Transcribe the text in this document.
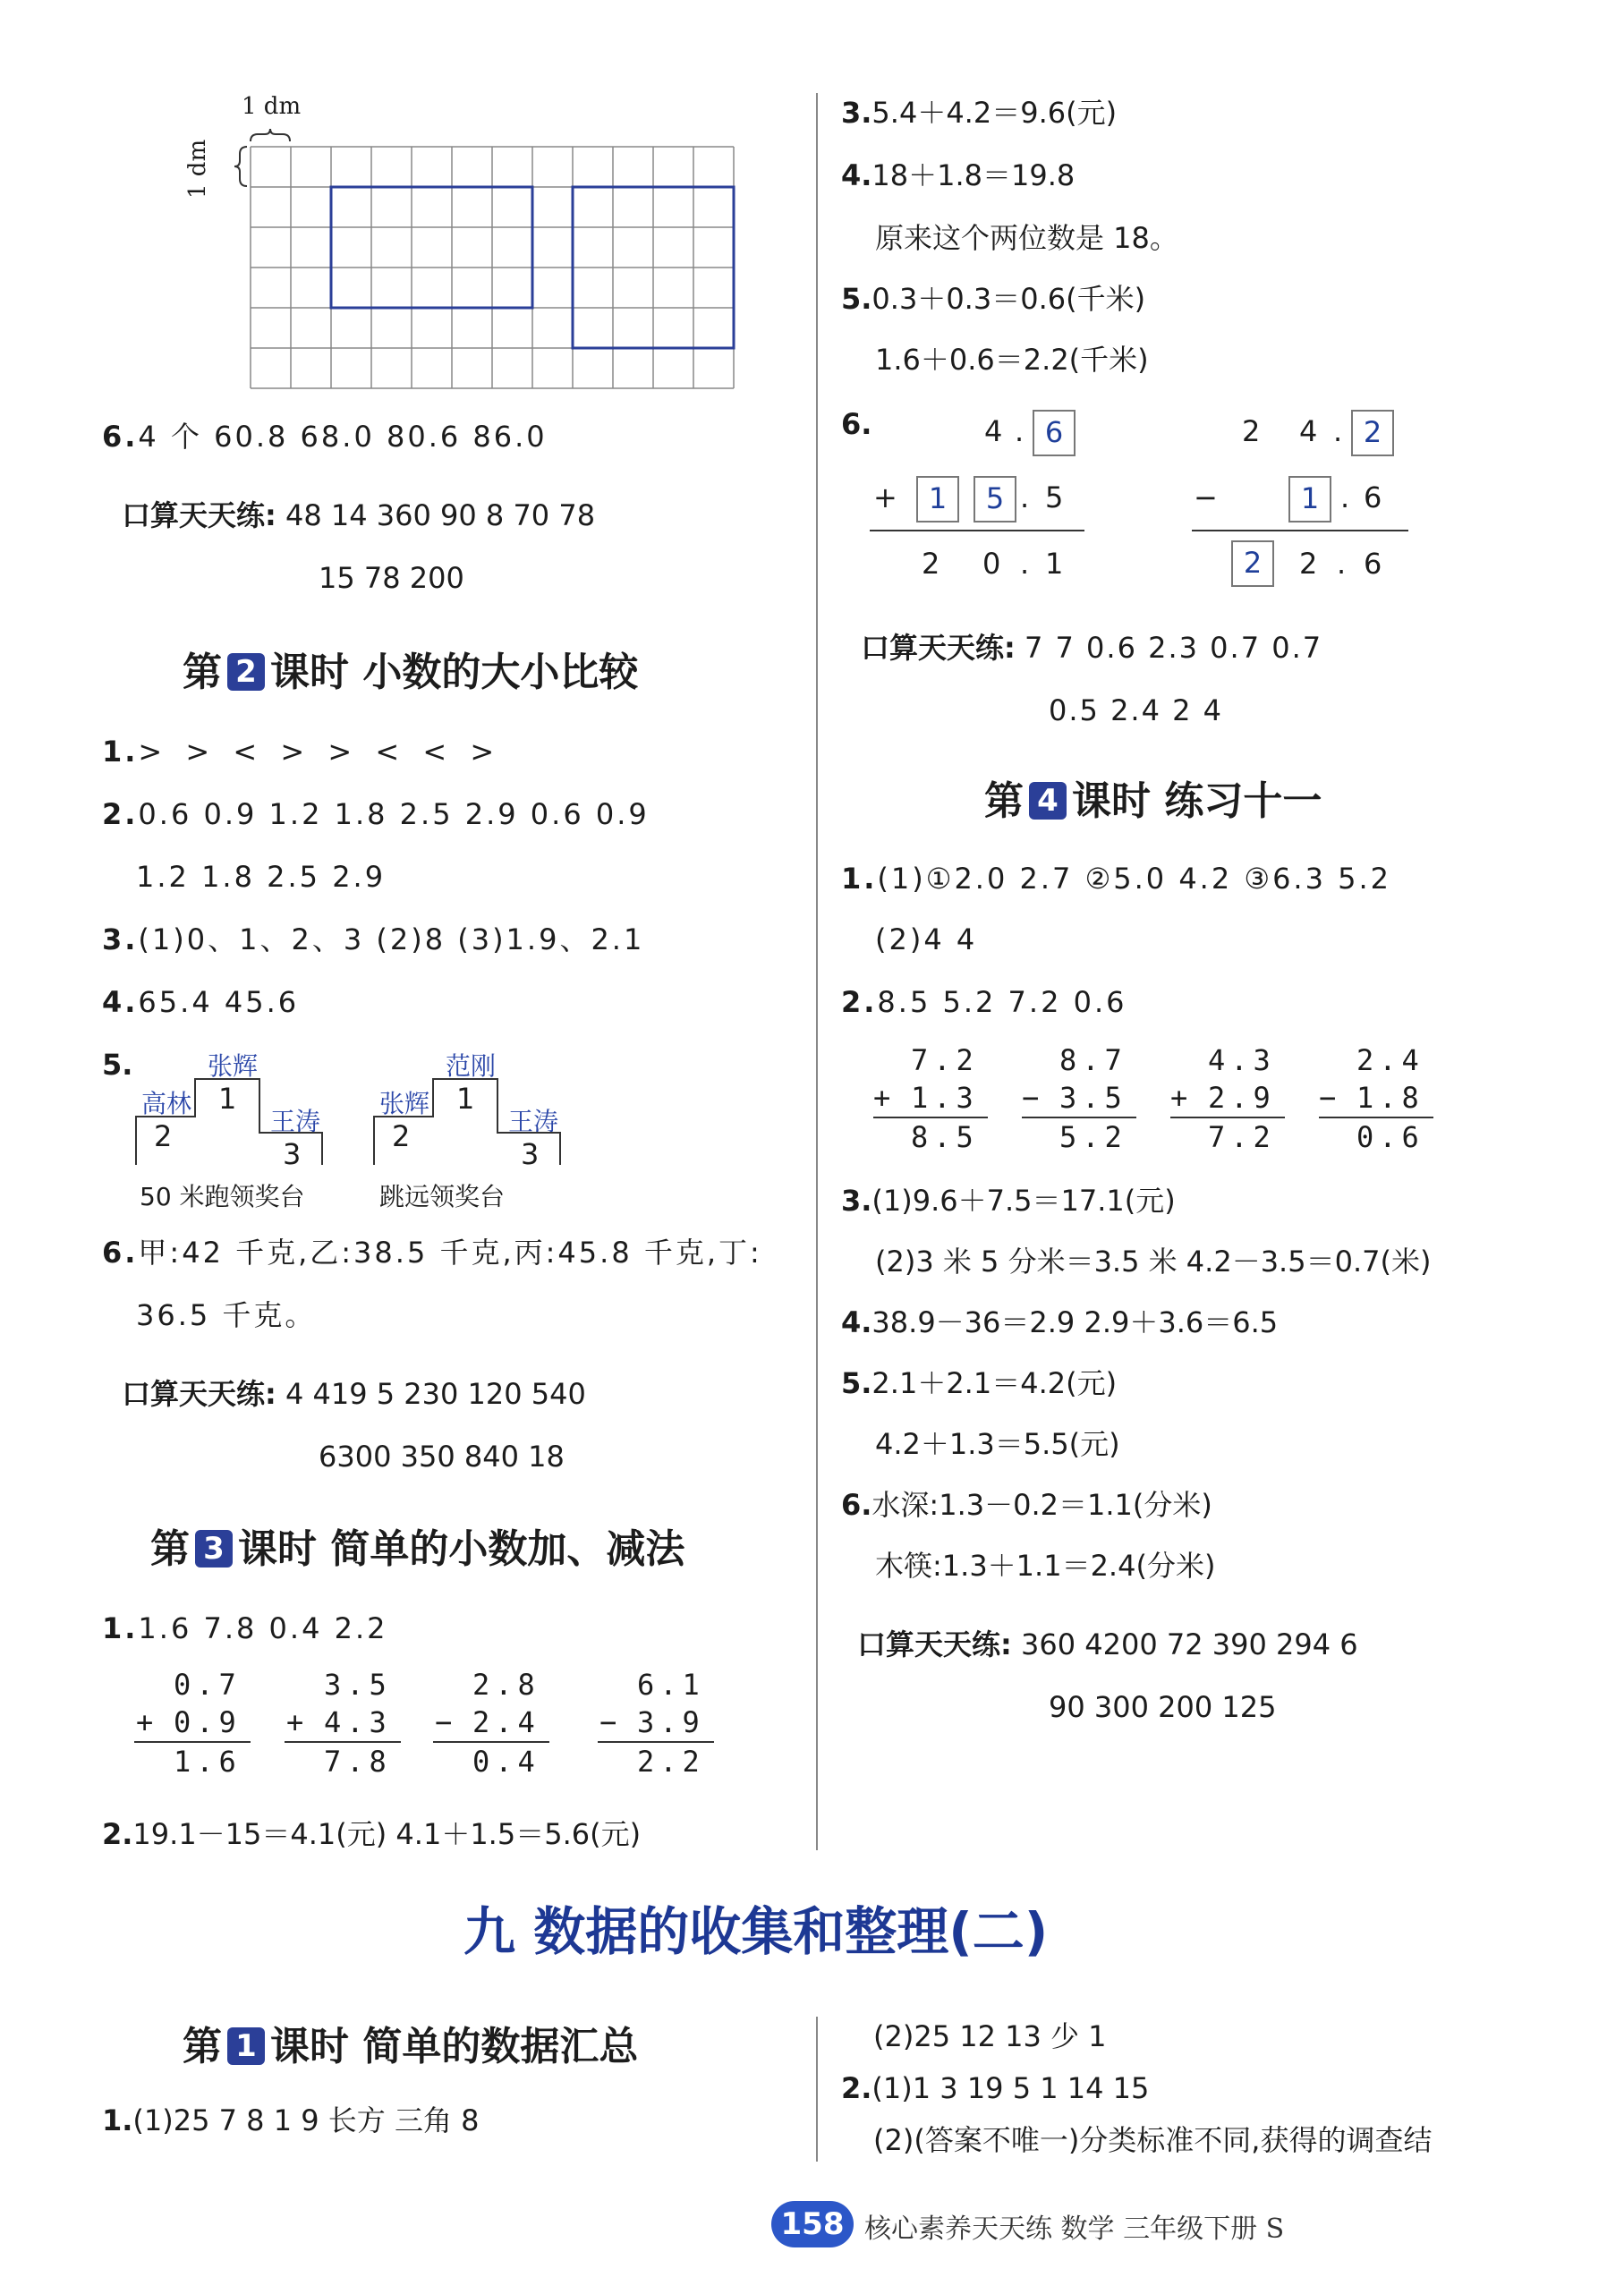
1 dm
1 dm
6.4 个 60.8 68.0 80.6 86.0
口算天天练: 48 14 360 90 8 70 78
15 78 200
第 2 课时 小数的大小比较
1.> > < > > < < >
2.0.6 0.9 1.2 1.8 2.5 2.9 0.6 0.9
1.2 1.8 2.5 2.9
3.(1)0、1、2、3 (2)8 (3)1.9、2.1
4.65.4 45.6
5.	张辉
高林
王涛
1
2
3
50 米跑领奖台
范刚
张辉
王涛
1
2
3
跳远领奖台
6.甲:42 千克,乙:38.5 千克,丙:45.8 千克,丁:
36.5 千克。
口算天天练: 4 419 5 230 120 540
6300 350 840 18
第 3 课时 简单的小数加、减法
1.1.6 7.8 0.4 2.2
0.7
+ 0.9
1.6
3.5
+ 4.3
7.8
2.8
− 2.4
0.4
6.1
− 3.9
2.2
2.19.1－15＝4.1(元) 4.1＋1.5＝5.6(元)
3.5.4＋4.2＝9.6(元)
4.18＋1.8＝19.8
原来这个两位数是 18。
5.0.3＋0.3＝0.6(千米)
1.6＋0.6＝2.2(千米)
6.	4 . 6
+	1	5 . 5
2 0 . 1
2 4 . 2
−	1 . 6
2	2 . 6
口算天天练: 7 7 0.6 2.3 0.7 0.7
0.5 2.4 2 4
第 4 课时 练习十一
1.(1)①2.0 2.7 ②5.0 4.2 ③6.3 5.2
(2)4 4
2.8.5 5.2 7.2 0.6
7.2
+ 1.3
8.5
8.7
− 3.5
5.2
4.3
+ 2.9
7.2
2.4
− 1.8
0.6
3.(1)9.6＋7.5＝17.1(元)
(2)3 米 5 分米＝3.5 米 4.2－3.5＝0.7(米)
4.38.9－36＝2.9 2.9＋3.6＝6.5
5.2.1＋2.1＝4.2(元)
4.2＋1.3＝5.5(元)
6.水深:1.3－0.2＝1.1(分米)
木筷:1.3＋1.1＝2.4(分米)
口算天天练: 360 4200 72 390 294 6
90 300 200 125
九 数据的收集和整理(二)
第 1 课时 简单的数据汇总
1.(1)25 7 8 1 9 长方 三角 8
(2)25 12 13 少 1
2.(1)1 3 19 5 1 14 15
(2)(答案不唯一)分类标准不同,获得的调查结
158 核心素养天天练 数学 三年级下册 S
